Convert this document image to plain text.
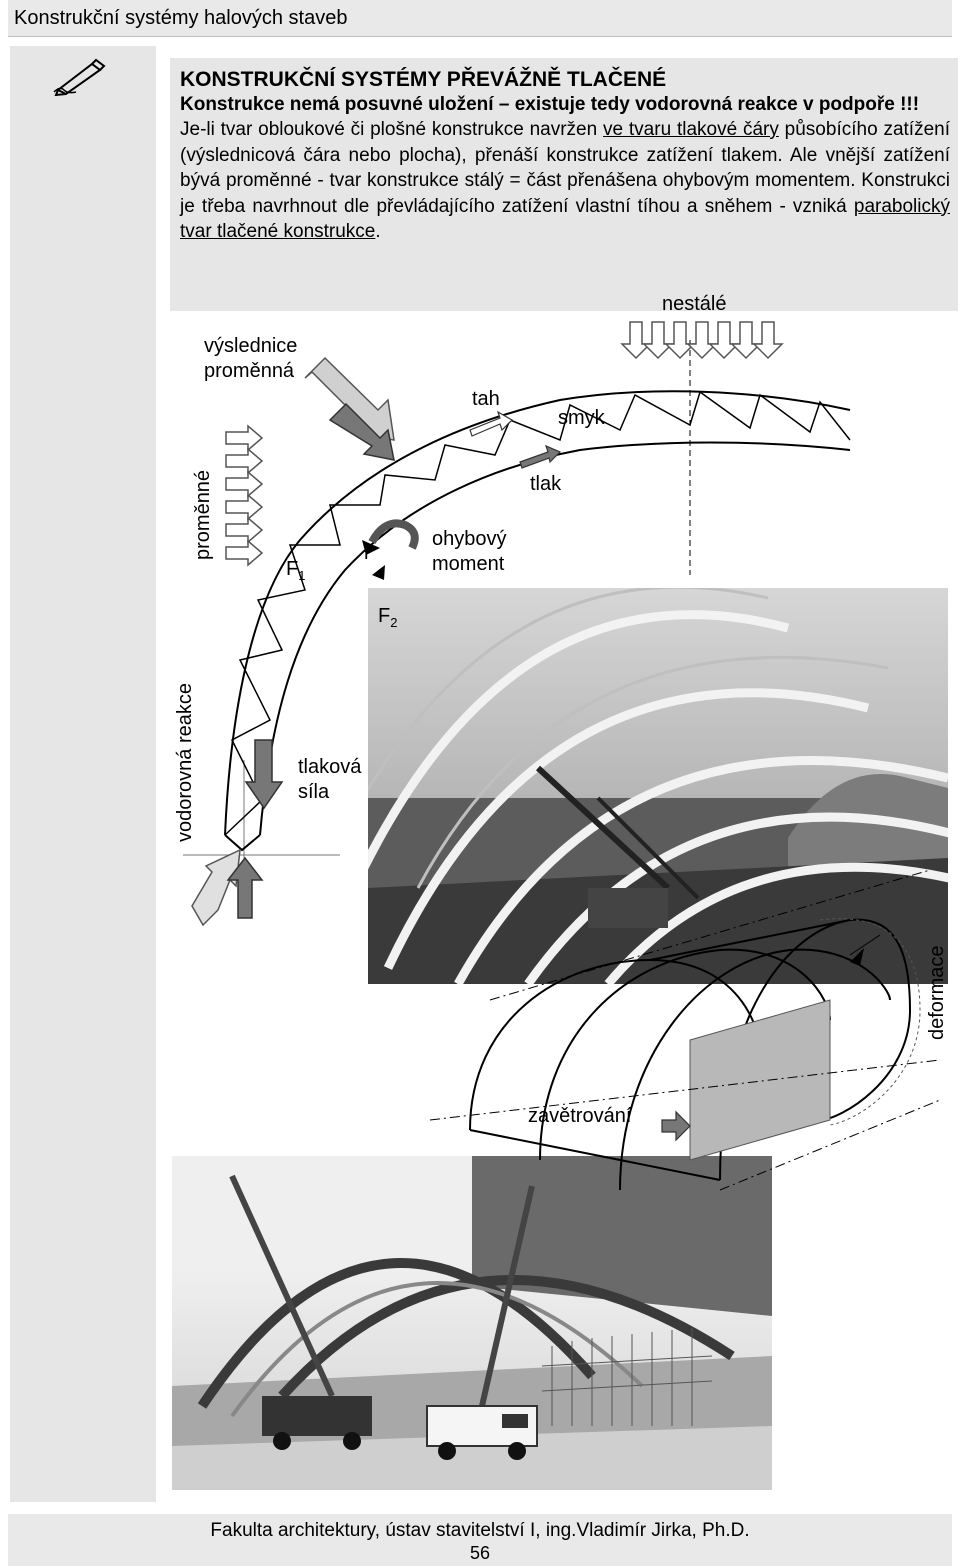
Konstrukční systémy halových staveb
KONSTRUKČNÍ SYSTÉMY PŘEVÁŽNĚ TLAČENÉ
Konstrukce nemá posuvné uložení – existuje tedy vodorovná reakce v podpoře !!!
Je-li tvar obloukové či plošné konstrukce navržen ve tvaru tlakové čáry působícího zatížení (výslednicová čára nebo plocha), přenáší konstrukce zatížení tlakem. Ale vnější zatížení bývá proměnné - tvar konstrukce stálý = část přenášena ohybovým momentem. Konstrukci je třeba navrhnout dle převládajícího zatížení vlastní tíhou a sněhem - vzniká parabolický tvar tlačené konstrukce.
nestálé
výslednice
proměnná
tah
smyk
tlak
proměnné	ohybový
moment
r
$F_1$
$F_2$
vodorovná reakce	tlaková
síla
deformace
zavětrování
Fakulta architektury, ústav stavitelství I, ing.Vladimír Jirka, Ph.D.
56
